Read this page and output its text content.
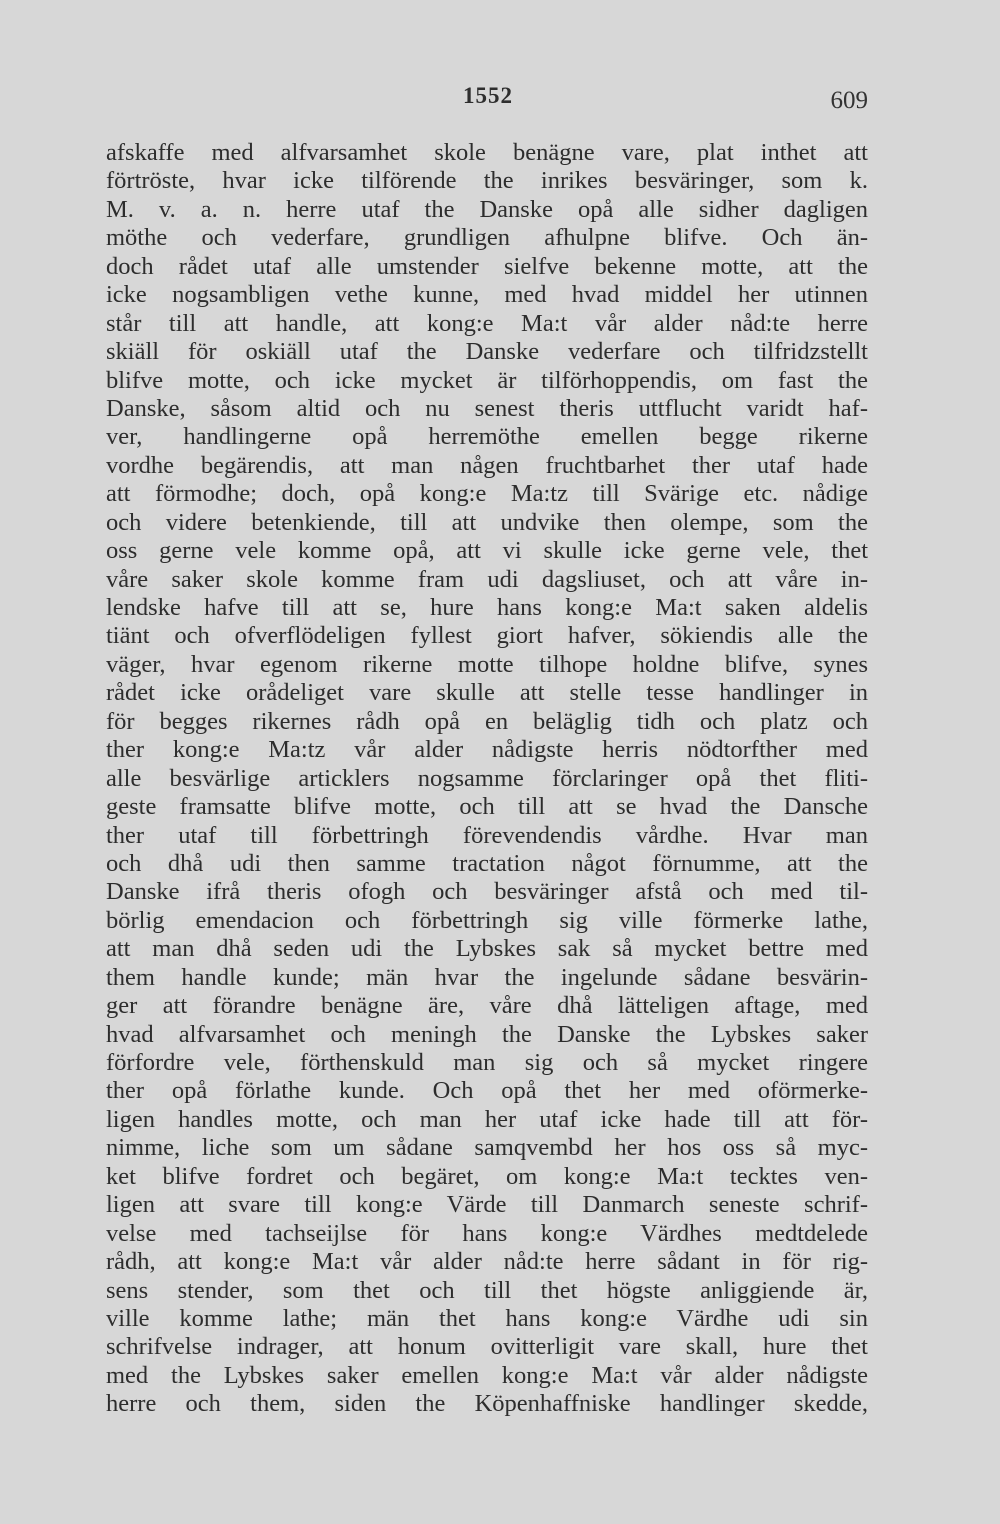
1552	609
afskaffe med alfvarsamhet skole benägne vare, plat inthet att
förtröste, hvar icke tilförende the inrikes besväringer, som k.
M. v. a. n. herre utaf the Danske opå alle sidher dagligen
möthe och vederfare, grundligen afhulpne blifve. Och än-
doch rådet utaf alle umstender sielfve bekenne motte, att the
icke nogsambligen vethe kunne, med hvad middel her utinnen
står till att handle, att kong:e Ma:t vår alder nåd:te herre
skiäll för oskiäll utaf the Danske vederfare och tilfridzstellt
blifve motte, och icke mycket är tilförhoppendis, om fast the
Danske, såsom altid och nu senest theris uttflucht varidt haf-
ver, handlingerne opå herremöthe emellen begge rikerne
vordhe begärendis, att man någen fruchtbarhet ther utaf hade
att förmodhe; doch, opå kong:e Ma:tz till Svärige etc. nådige
och videre betenkiende, till att undvike then olempe, som the
oss gerne vele komme opå, att vi skulle icke gerne vele, thet
våre saker skole komme fram udi dagsliuset, och att våre in-
lendske hafve till att se, hure hans kong:e Ma:t saken aldelis
tiänt och ofverflödeligen fyllest giort hafver, sökiendis alle the
väger, hvar egenom rikerne motte tilhope holdne blifve, synes
rådet icke orådeliget vare skulle att stelle tesse handlinger in
för begges rikernes rådh opå en beläglig tidh och platz och
ther kong:e Ma:tz vår alder nådigste herris nödtorfther med
alle besvärlige articklers nogsamme förclaringer opå thet fliti-
geste framsatte blifve motte, och till att se hvad the Dansche
ther utaf till förbettringh förevendendis vårdhe. Hvar man
och dhå udi then samme tractation något förnumme, att the
Danske ifrå theris ofogh och besväringer afstå och med til-
börlig emendacion och förbettringh sig ville förmerke lathe,
att man dhå seden udi the Lybskes sak så mycket bettre med
them handle kunde; män hvar the ingelunde sådane besvärin-
ger att förandre benägne äre, våre dhå lätteligen aftage, med
hvad alfvarsamhet och meningh the Danske the Lybskes saker
förfordre vele, förthenskuld man sig och så mycket ringere
ther opå förlathe kunde. Och opå thet her med oförmerke-
ligen handles motte, och man her utaf icke hade till att för-
nimme, liche som um sådane samqvembd her hos oss så myc-
ket blifve fordret och begäret, om kong:e Ma:t tecktes ven-
ligen att svare till kong:e Värde till Danmarch seneste schrif-
velse med tachseijlse för hans kong:e Värdhes medtdelede
rådh, att kong:e Ma:t vår alder nåd:te herre sådant in för rig-
sens stender, som thet och till thet högste anliggiende är,
ville komme lathe; män thet hans kong:e Värdhe udi sin
schrifvelse indrager, att honum ovitterligit vare skall, hure thet
med the Lybskes saker emellen kong:e Ma:t vår alder nådigste
herre och them, siden the Köpenhaffniske handlinger skedde,
